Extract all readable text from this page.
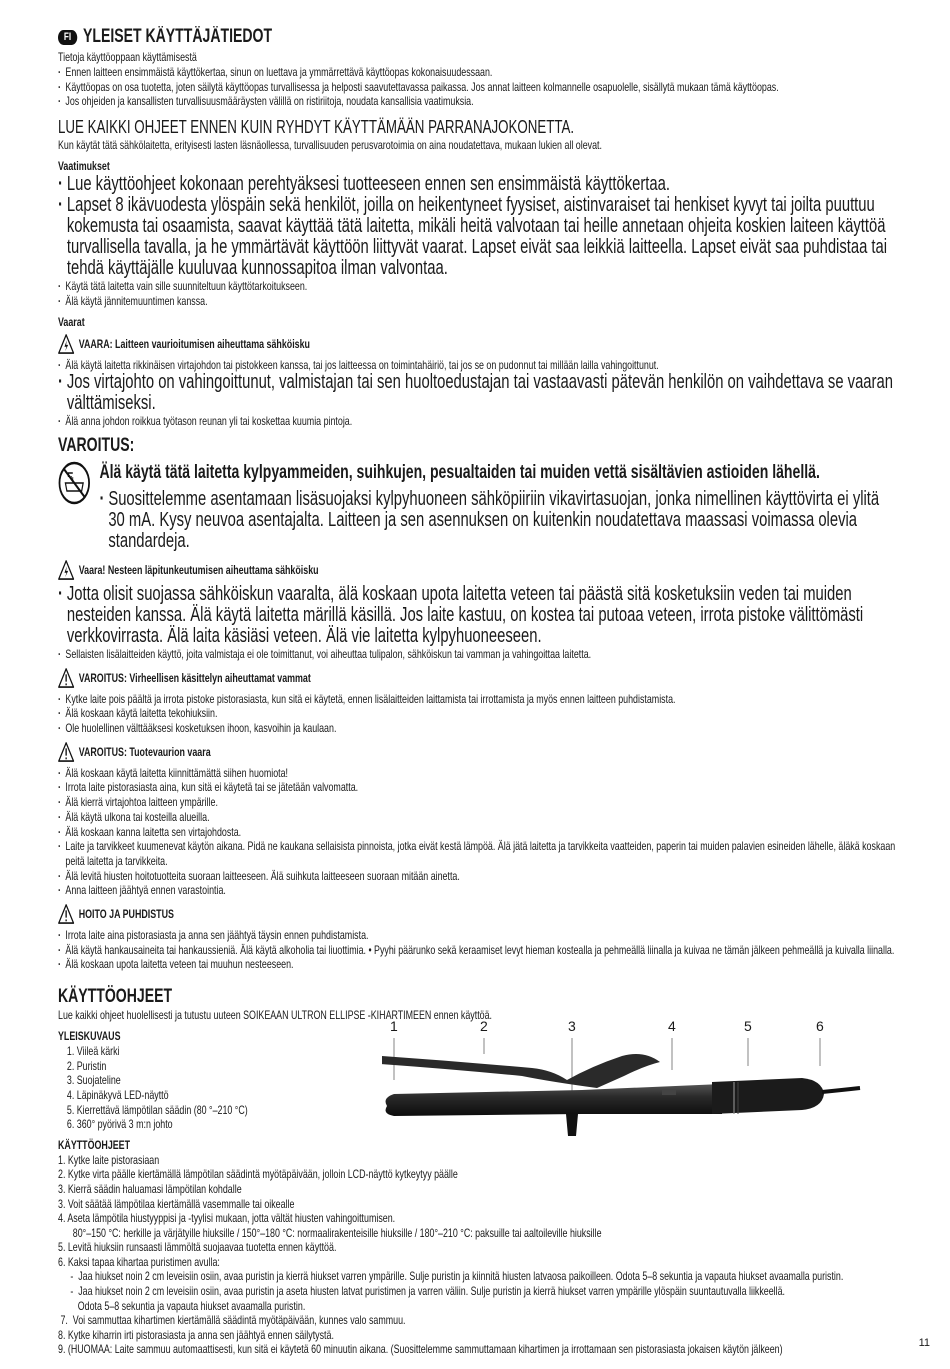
FI YLEISET KÄYTTÄJÄTIEDOT
Tietoja käyttöoppaan käyttämisestä
· Ennen laitteen ensimmäistä käyttökertaa, sinun on luettava ja ymmärrettävä käyttöopas kokonaisuudessaan.
· Käyttöopas on osa tuotetta, joten säilytä käyttöopas turvallisessa ja helposti saavutettavassa paikassa. Jos annat laitteen kolmannelle osapuolelle, sisällytä mukaan tämä käyttöopas.
· Jos ohjeiden ja kansallisten turvallisuusmääräysten välillä on ristiriitoja, noudata kansallisia vaatimuksia.
LUE KAIKKI OHJEET ENNEN KUIN RYHDYT KÄYTTÄMÄÄN PARRANAJOKONETTA.
Kun käytät tätä sähkölaitetta, erityisesti lasten läsnäollessa, turvallisuuden perusvarotoimia on aina noudatettava, mukaan lukien all olevat.
Vaatimukset
· Lue käyttöohjeet kokonaan perehtyäksesi tuotteeseen ennen sen ensimmäistä käyttökertaa.
· Lapset 8 ikävuodesta ylöspäin sekä henkilöt, joilla on heikentyneet fyysiset, aistinvaraiset tai henkiset kyvyt tai joilta puuttuu kokemusta tai osaamista, saavat käyttää tätä laitetta, mikäli heitä valvotaan tai heille annetaan ohjeita koskien laiteen käyttöä turvallisella tavalla, ja he ymmärtävät käyttöön liittyvät vaarat. Lapset eivät saa leikkiä laitteella. Lapset eivät saa puhdistaa tai tehdä käyttäjälle kuuluvaa kunnossapitoa ilman valvontaa.
· Käytä tätä laitetta vain sille suunniteltuun käyttötarkoitukseen.
· Älä käytä jännitemuuntimen kanssa.
Vaarat
VAARA: Laitteen vaurioitumisen aiheuttama sähköisku
· Älä käytä laitetta rikkinäisen virtajohdon tai pistokkeen kanssa, tai jos laitteessa on toimintahäiriö, tai jos se on pudonnut tai millään lailla vahingoittunut.
· Jos virtajohto on vahingoittunut, valmistajan tai sen huoltoedustajan tai vastaavasti pätevän henkilön on vaihdettava se vaaran välttämiseksi.
· Älä anna johdon roikkua työtason reunan yli tai koskettaa kuumia pintoja.
VAROITUS:
Älä käytä tätä laitetta kylpyammeiden, suihkujen, pesualtaiden tai muiden vettä sisältävien astioiden lähellä.
· Suosittelemme asentamaan lisäsuojaksi kylpyhuoneen sähköpiiriin vikavirtasuojan, jonka nimellinen käyttövirta ei ylitä 30 mA. Kysy neuvoa asentajalta. Laitteen ja sen asennuksen on kuitenkin noudatettava maassasi voimassa olevia standardeja.
Vaara! Nesteen läpitunkeutumisen aiheuttama sähköisku
· Jotta olisit suojassa sähköiskun vaaralta, älä koskaan upota laitetta veteen tai päästä sitä kosketuksiin veden tai muiden nesteiden kanssa. Älä käytä laitetta märillä käsillä. Jos laite kastuu, on kostea tai putoaa veteen, irrota pistoke välittömästi verkkovirrasta. Älä laita käsiäsi veteen. Älä vie laitetta kylpyhuoneeseen.
· Sellaisten lisälaitteiden käyttö, joita valmistaja ei ole toimittanut, voi aiheuttaa tulipalon, sähköiskun tai vamman ja vahingoittaa laitetta.
VAROITUS: Virheellisen käsittelyn aiheuttamat vammat
· Kytke laite pois päältä ja irrota pistoke pistorasiasta, kun sitä ei käytetä, ennen lisälaitteiden laittamista tai irrottamista ja myös ennen laitteen puhdistamista.
· Älä koskaan käytä laitetta tekohiuksiin.
· Ole huolellinen välttääksesi kosketuksen ihoon, kasvoihin ja kaulaan.
VAROITUS: Tuotevaurion vaara
· Älä koskaan käytä laitetta kiinnittämättä siihen huomiota!
· Irrota laite pistorasiasta aina, kun sitä ei käytetä tai se jätetään valvomatta.
· Älä kierrä virtajohtoa laitteen ympärille.
· Älä käytä ulkona tai kosteilla alueilla.
· Älä koskaan kanna laitetta sen virtajohdosta.
· Laite ja tarvikkeet kuumenevat käytön aikana. Pidä ne kaukana sellaisista pinnoista, jotka eivät kestä lämpöä. Älä jätä laitetta ja tarvikkeita vaatteiden, paperin tai muiden palavien esineiden lähelle, äläkä koskaan peitä laitetta ja tarvikkeita.
· Älä levitä hiusten hoitotuotteita suoraan laitteeseen. Älä suihkuta laitteeseen suoraan mitään ainetta.
· Anna laitteen jäähtyä ennen varastointia.
HOITO JA PUHDISTUS
· Irrota laite aina pistorasiasta ja anna sen jäähtyä täysin ennen puhdistamista.
· Älä käytä hankausaineita tai hankaussieniä. Älä käytä alkoholia tai liuottimia. • Pyyhi päärunko sekä keraamiset levyt hieman kostealla ja pehmeällä liinalla ja kuivaa ne tämän jälkeen pehmeällä ja kuivalla liinalla.
· Älä koskaan upota laitetta veteen tai muuhun nesteeseen.
KÄYTTÖOHJEET
Lue kaikki ohjeet huolellisesti ja tutustu uuteen SOIKEAAN ULTRON ELLIPSE -KIHARTIMEEN ennen käyttöä.
YLEISKUVAUS
1. Viileä kärki
2. Puristin
3. Suojateline
4. Läpinäkyvä LED-näyttö
5. Kierrettävä lämpötilan säädin (80 °–210 °C)
6. 360° pyörivä 3 m:n johto
KÄYTTÖOHJEET
1. Kytke laite pistorasiaan
2. Kytke virta päälle kiertämällä lämpötilan säädintä myötäpäivään, jolloin LCD-näyttö kytkeytyy päälle
3. Kierrä säädin haluamasi lämpötilan kohdalle
3. Voit säätää lämpötilaa kiertämällä vasemmalle tai oikealle
4. Aseta lämpötila hiustyyppisi ja -tyylisi mukaan, jotta vältät hiusten vahingoittumisen.
80°–150 °C: herkille ja värjätyille hiuksille / 150°–180 °C: normaalirakenteisille hiuksille / 180°–210 °C: paksuille tai aaltoileville hiuksille
5. Levitä hiuksiin runsaasti lämmöltä suojaavaa tuotetta ennen käyttöä.
6. Kaksi tapaa kihartaa puristimen avulla:
-  Jaa hiukset noin 2 cm leveisiin osiin, avaa puristin ja kierrä hiukset varren ympärille. Sulje puristin ja kiinnitä hiusten latvaosa paikoilleen. Odota 5–8 sekuntia ja vapauta hiukset avaamalla puristin.
-  Jaa hiukset noin 2 cm leveisiin osiin, avaa puristin ja aseta hiusten latvat puristimen ja varren väliin. Sulje puristin ja kierrä hiukset varren ympärille ylöspäin suuntautuvalla liikkeellä.
Odota 5–8 sekuntia ja vapauta hiukset avaamalla puristin.
7.  Voi sammuttaa kihartimen kiertämällä säädintä myötäpäivään, kunnes valo sammuu.
8. Kytke kiharrin irti pistorasiasta ja anna sen jäähtyä ennen säilytystä.
9. (HUOMAA: Laite sammuu automaattisesti, kun sitä ei käytetä 60 minuutin aikana. (Suosittelemme sammuttamaan kihartimen ja irrottamaan sen pistorasiasta jokaisen käytön jälkeen)
1	2	3	4	5	6
11
